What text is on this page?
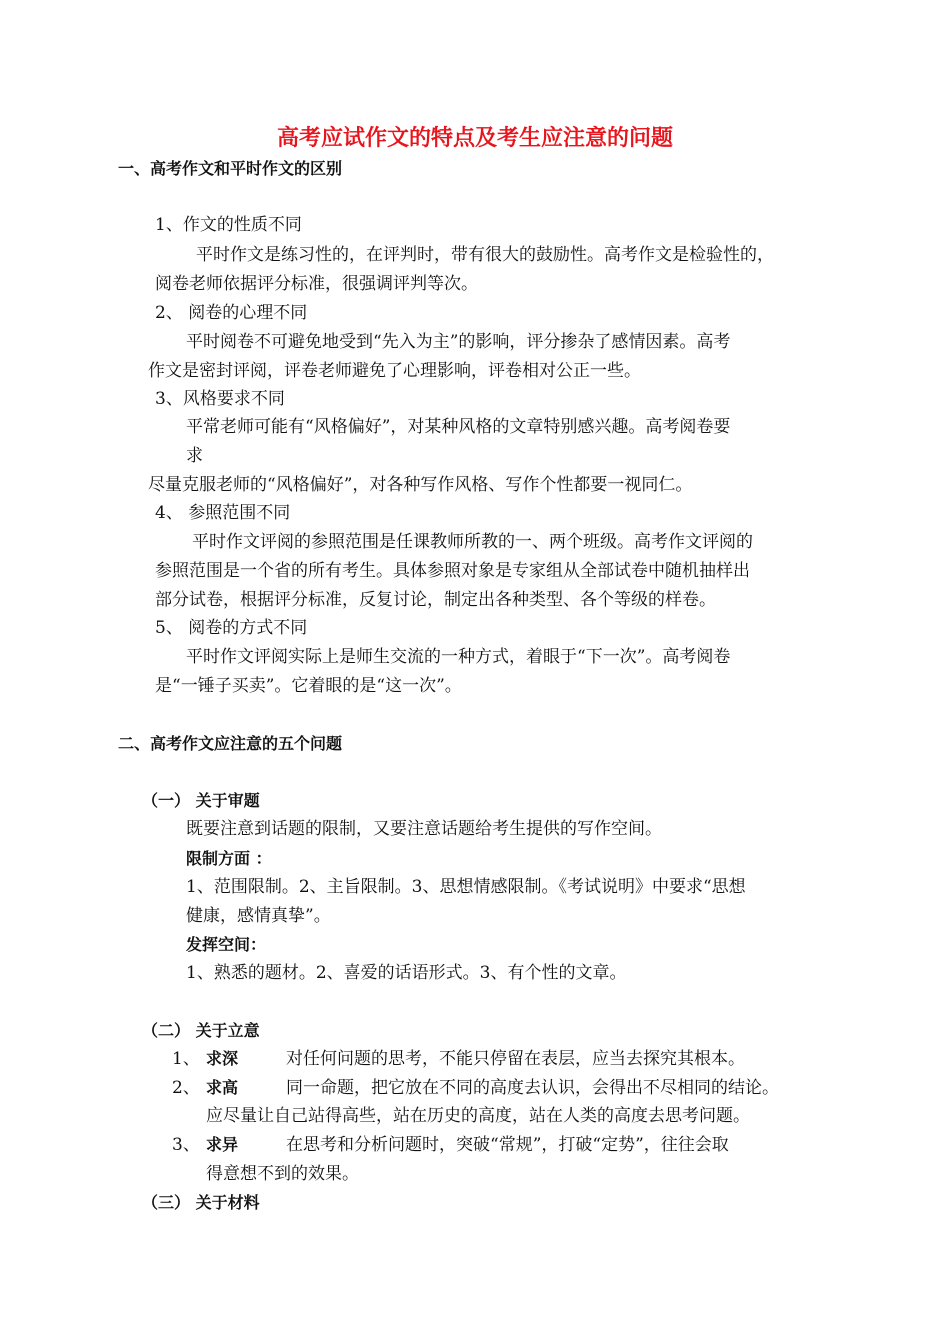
高考应试作文的特点及考生应注意的问题
一、高考作文和平时作文的区别
1、作文的性质不同
平时作文是练习性的，在评判时，带有很大的鼓励性。高考作文是检验性的，
阅卷老师依据评分标准，很强调评判等次。
2、 阅卷的心理不同
平时阅卷不可避免地受到“先入为主”的影响，评分掺杂了感情因素。高考
作文是密封评阅，评卷老师避免了心理影响，评卷相对公正一些。
3、风格要求不同
平常老师可能有“风格偏好”，对某种风格的文章特别感兴趣。高考阅卷要
求
尽量克服老师的“风格偏好”，对各种写作风格、写作个性都要一视同仁。
4、 参照范围不同
平时作文评阅的参照范围是任课教师所教的一、两个班级。高考作文评阅的
参照范围是一个省的所有考生。具体参照对象是专家组从全部试卷中随机抽样出
部分试卷，根据评分标准，反复讨论，制定出各种类型、各个等级的样卷。
5、 阅卷的方式不同
平时作文评阅实际上是师生交流的一种方式，着眼于“下一次”。高考阅卷
是“一锤子买卖”。它着眼的是“这一次”。
二、高考作文应注意的五个问题
（一） 关于审题
既要注意到话题的限制，又要注意话题给考生提供的写作空间。
限制方面 ：
1、范围限制。2、主旨限制。3、思想情感限制。《考试说明》中要求“思想
健康，感情真挚”。
发挥空间：
1、熟悉的题材。2、喜爱的话语形式。3、有个性的文章。
（二） 关于立意
1、 求深	对任何问题的思考，不能只停留在表层，应当去探究其根本。
2、 求高	同一命题，把它放在不同的高度去认识，会得出不尽相同的结论。
应尽量让自己站得高些，站在历史的高度，站在人类的高度去思考问题。
3、 求异	在思考和分析问题时，突破“常规”，打破“定势”，往往会取
得意想不到的效果。
（三） 关于材料
